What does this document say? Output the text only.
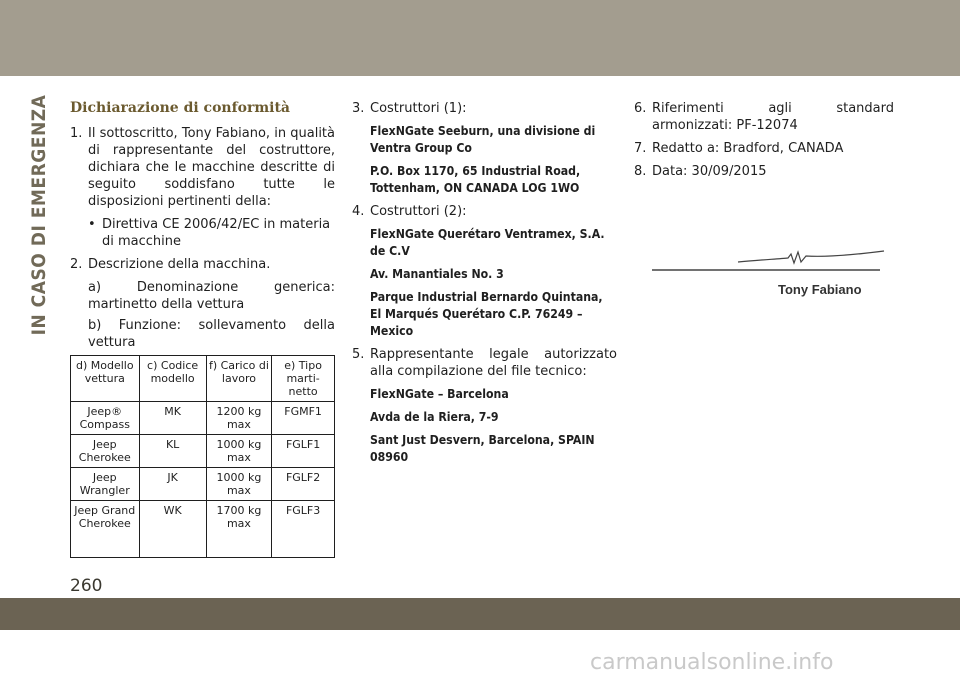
IN CASO DI EMERGENZA Dichiarazione di conformità
1. Il sottoscritto, Tony Fabiano, in qualità di rappresentante del costruttore, dichiara che le macchine descritte di seguito soddisfano tutte le disposizioni pertinenti della:
• Direttiva CE 2006/42/EC in materia di macchine
2. Descrizione della macchina.
a) Denominazione generica: martinetto della vettura
b) Funzione: sollevamento della vettura
d) Modello vettura	c) Codice modello	f) Carico di lavoro	e) Tipo marti-netto
Jeep® Compass	MK	1200 kg max	FGMF1
Jeep Cherokee	KL	1000 kg max	FGLF1
Jeep Wrangler	JK	1000 kg max	FGLF2
Jeep Grand Cherokee	WK	1700 kg max	FGLF3
3. Costruttori (1):
FlexNGate Seeburn, una divisione di Ventra Group Co
P.O. Box 1170, 65 Industrial Road, Tottenham, ON CANADA LOG 1WO
4. Costruttori (2):
FlexNGate Querétaro Ventramex, S.A. de C.V
Av. Manantiales No. 3
Parque Industrial Bernardo Quintana, El Marqués Querétaro C.P. 76249 – Mexico
5. Rappresentante legale autorizzato alla compilazione del file tecnico:
FlexNGate – Barcelona
Avda de la Riera, 7-9
Sant Just Desvern, Barcelona, SPAIN 08960
6. Riferimenti agli standard armonizzati: PF-12074
7. Redatto a: Bradford, CANADA
8. Data: 30/09/2015
Tony Fabiano
260
carmanualsonline.info
